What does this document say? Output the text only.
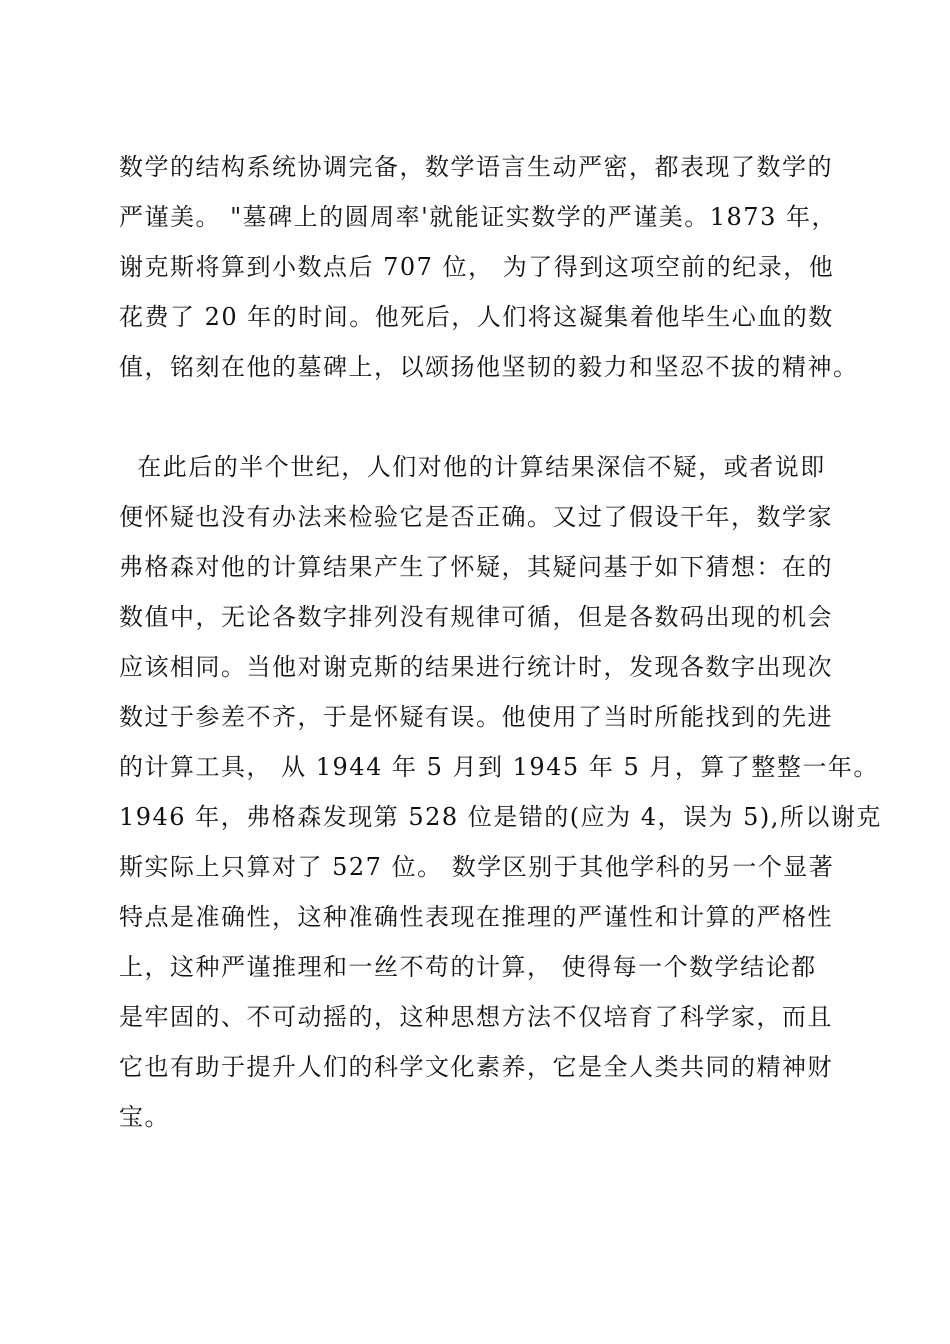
数学的结构系统协调完备，数学语言生动严密，都表现了数学的
严谨美。 "墓碑上的圆周率'就能证实数学的严谨美。1873 年，
谢克斯将算到小数点后 707 位， 为了得到这项空前的纪录，他
花费了 20 年的时间。他死后，人们将这凝集着他毕生心血的数
值，铭刻在他的墓碑上，以颂扬他坚韧的毅力和坚忍不拔的精神。
在此后的半个世纪，人们对他的计算结果深信不疑，或者说即
便怀疑也没有办法来检验它是否正确。又过了假设干年，数学家
弗格森对他的计算结果产生了怀疑，其疑问基于如下猜想：在的
数值中，无论各数字排列没有规律可循，但是各数码出现的机会
应该相同。当他对谢克斯的结果进行统计时，发现各数字出现次
数过于参差不齐，于是怀疑有误。他使用了当时所能找到的先进
的计算工具， 从 1944 年 5 月到 1945 年 5 月，算了整整一年。
1946 年，弗格森发现第 528 位是错的(应为 4，误为 5),所以谢克
斯实际上只算对了 527 位。 数学区别于其他学科的另一个显著
特点是准确性，这种准确性表现在推理的严谨性和计算的严格性
上，这种严谨推理和一丝不苟的计算， 使得每一个数学结论都
是牢固的、不可动摇的，这种思想方法不仅培育了科学家，而且
它也有助于提升人们的科学文化素养，它是全人类共同的精神财
宝。
